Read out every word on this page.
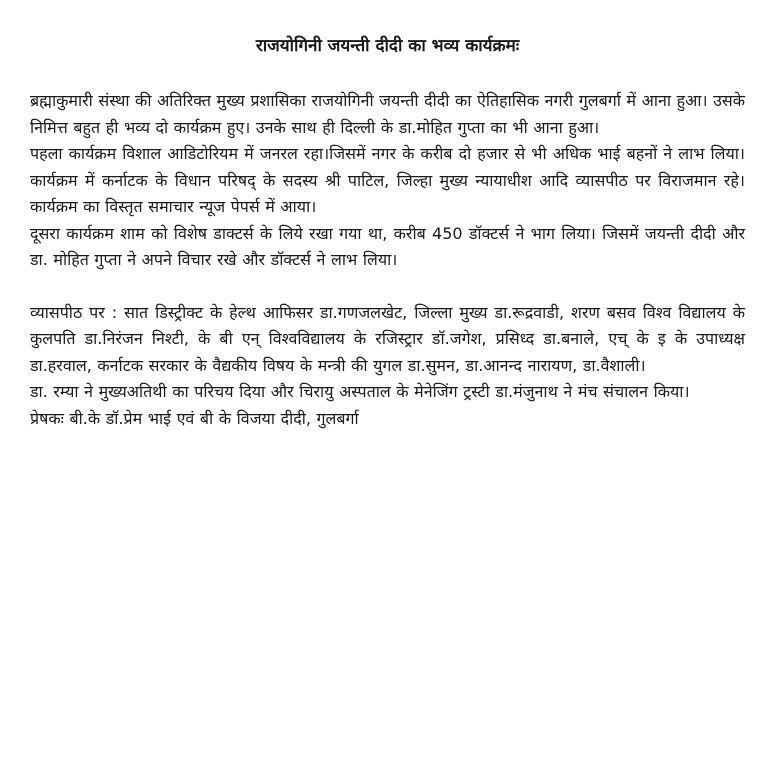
राजयोगिनी जयन्ती दीदी का भव्य कार्यक्रमः

ब्रह्माकुमारी संस्था की अतिरिक्त मुख्य प्रशासिका राजयोगिनी जयन्ती दीदी का ऐतिहासिक नगरी गुलबर्गा में आना हुआ। उसके निमित्त बहुत ही भव्य दो कार्यक्रम हुए। उनके साथ ही दिल्ली के डा.मोहित गुप्ता का भी आना हुआ।

पहला कार्यक्रम विशाल आडिटोरियम में जनरल रहा।जिसमें नगर के करीब दो हजार से भी अधिक भाई बहनों ने लाभ लिया। कार्यक्रम में कर्नाटक के विधान परिषद् के सदस्य श्री पाटिल, जिल्हा मुख्य न्यायाधीश आदि व्यासपीठ पर विराजमान रहे। कार्यक्रम का विस्तृत समाचार न्यूज पेपर्स में आया।

दूसरा कार्यक्रम शाम को विशेष डाक्टर्स के लिये रखा गया था, करीब 450 डॉक्टर्स ने भाग लिया। जिसमें जयन्ती दीदी और डा. मोहित गुप्ता ने अपने विचार रखे और डॉक्टर्स ने लाभ लिया।

व्यासपीठ पर : सात डिस्ट्रीक्ट के हेल्थ आफिसर डा.गणजलखेट, जिल्ला मुख्य डा.रूद्रवाडी, शरण बसव विश्व विद्यालय के कुलपति डा.निरंजन निश्टी, के बी एन् विश्वविद्यालय के रजिस्ट्रार डॉ.जगेश, प्रसिध्द डा.बनाले, एच् के इ के उपाध्यक्ष डा.हरवाल, कर्नाटक सरकार के वैद्यकीय विषय के मन्त्री की युगल डा.सुमन, डा.आनन्द नारायण, डा.वैशाली।

डा. रम्या ने मुख्यअतिथी का परिचय दिया और चिरायु अस्पताल के मेनेजिंग ट्रस्टी डा.मंजुनाथ ने मंच संचालन किया।

प्रेषकः बी.के डॉ.प्रेम भाई एवं बी के विजया दीदी, गुलबर्गा
